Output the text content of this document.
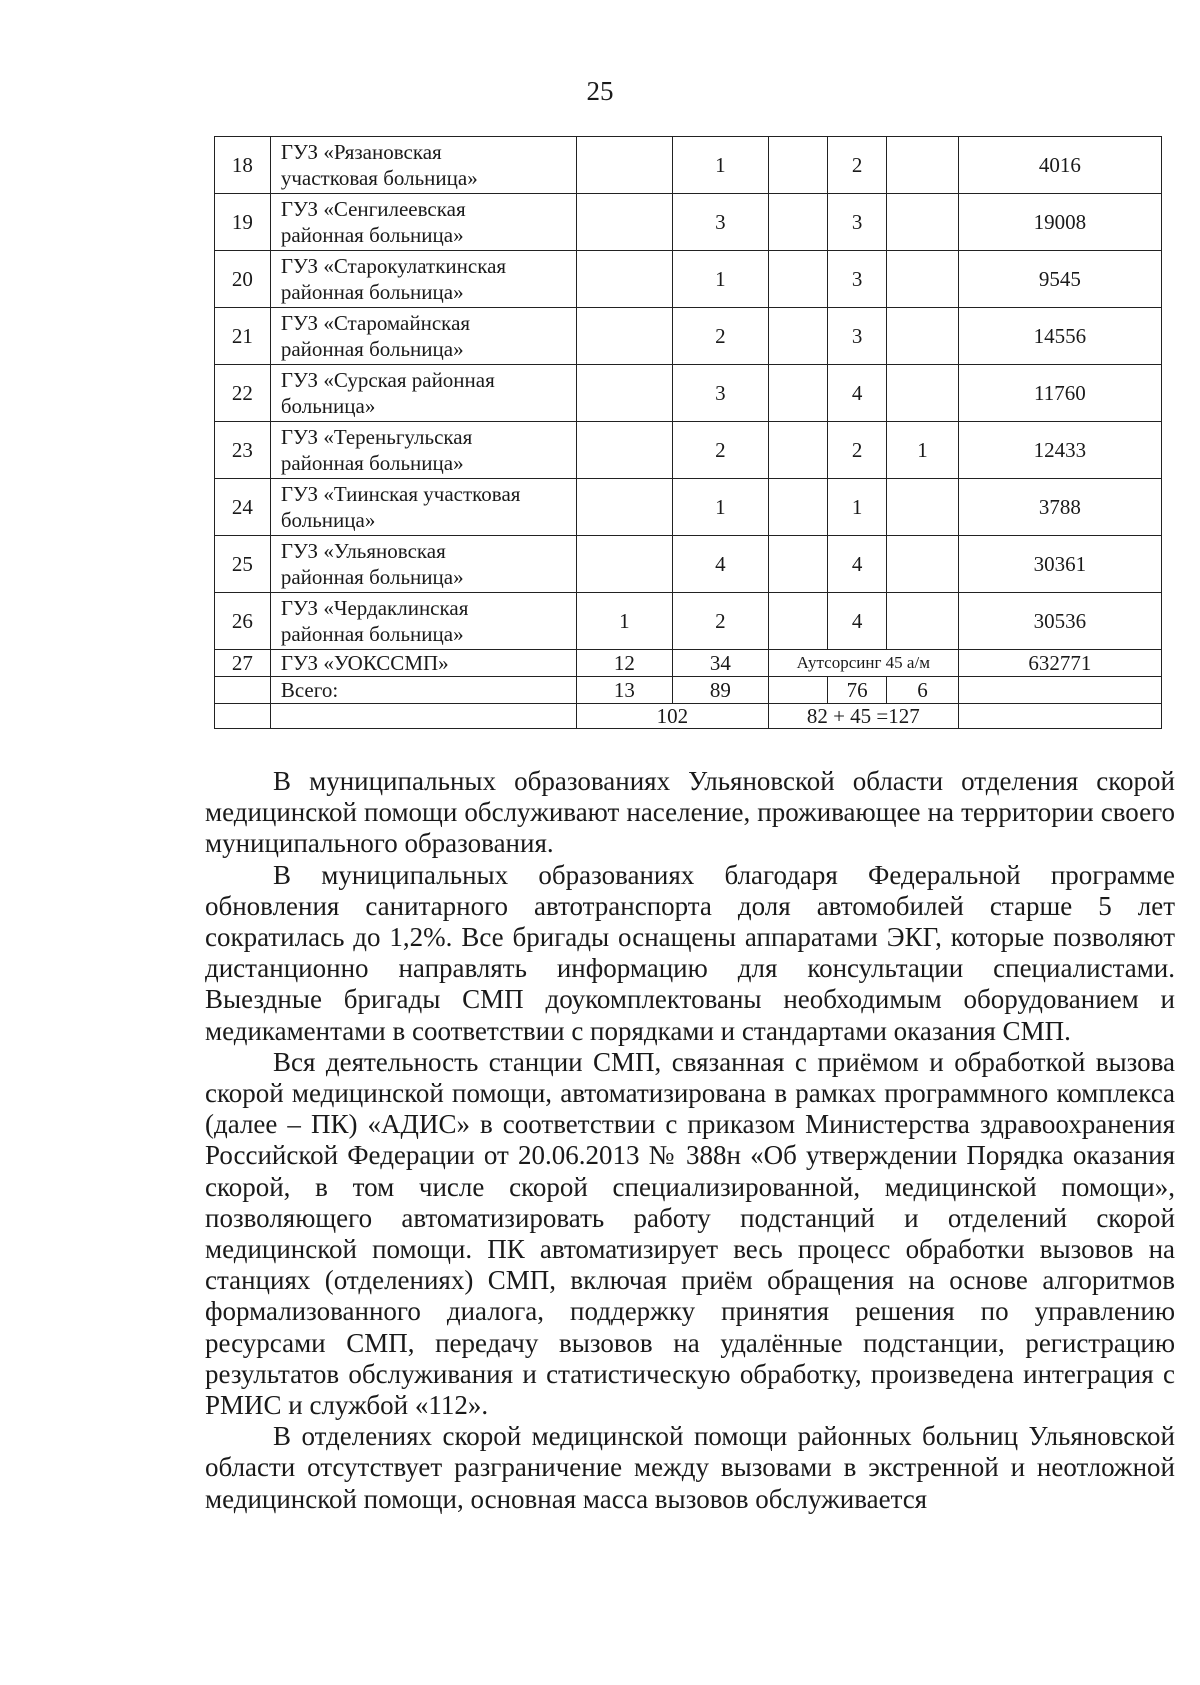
25
18	ГУЗ «Рязановская
участковая больница»		1		2		4016
19	ГУЗ «Сенгилеевская
районная больница»		3		3		19008
20	ГУЗ «Старокулаткинская
районная больница»		1		3		9545
21	ГУЗ «Старомайнская
районная больница»		2		3		14556
22	ГУЗ «Сурская районная
больница»		3		4		11760
23	ГУЗ «Тереньгульская
районная больница»		2		2	1	12433
24	ГУЗ «Тиинская участковая
больница»		1		1		3788
25	ГУЗ «Ульяновская
районная больница»		4		4		30361
26	ГУЗ «Чердаклинская
районная больница»	1	2		4		30536
27	ГУЗ «УОКССМП»	12	34	Аутсорсинг 45 а/м			632771
	Всего:	13	89		76	6	
		102		82 + 45 =127			

В муниципальных образованиях Ульяновской области отделения скорой медицинской помощи обслуживают население, проживающее на территории своего муниципального образования.

В муниципальных образованиях благодаря Федеральной программе обновления санитарного автотранспорта доля автомобилей старше 5 лет сократилась до 1,2%. Все бригады оснащены аппаратами ЭКГ, которые позволяют дистанционно направлять информацию для консультации специалистами. Выездные бригады СМП доукомплектованы необходимым оборудованием и медикаментами в соответствии с порядками и стандартами оказания СМП.

Вся деятельность станции СМП, связанная с приёмом и обработкой вызова скорой медицинской помощи, автоматизирована в рамках программного комплекса (далее – ПК) «АДИС» в соответствии с приказом Министерства здравоохранения Российской Федерации от 20.06.2013 № 388н «Об утверждении Порядка оказания скорой, в том числе скорой специализированной, медицинской помощи», позволяющего автоматизировать работу подстанций и отделений скорой медицинской помощи. ПК автоматизирует весь процесс обработки вызовов на станциях (отделениях) СМП, включая приём обращения на основе алгоритмов формализованного диалога, поддержку принятия решения по управлению ресурсами СМП, передачу вызовов на удалённые подстанции, регистрацию результатов обслуживания и статистическую обработку, произведена интеграция с РМИС и службой «112».

В отделениях скорой медицинской помощи районных больниц Ульяновской области отсутствует разграничение между вызовами в экстренной и неотложной медицинской помощи, основная масса вызовов обслуживается
